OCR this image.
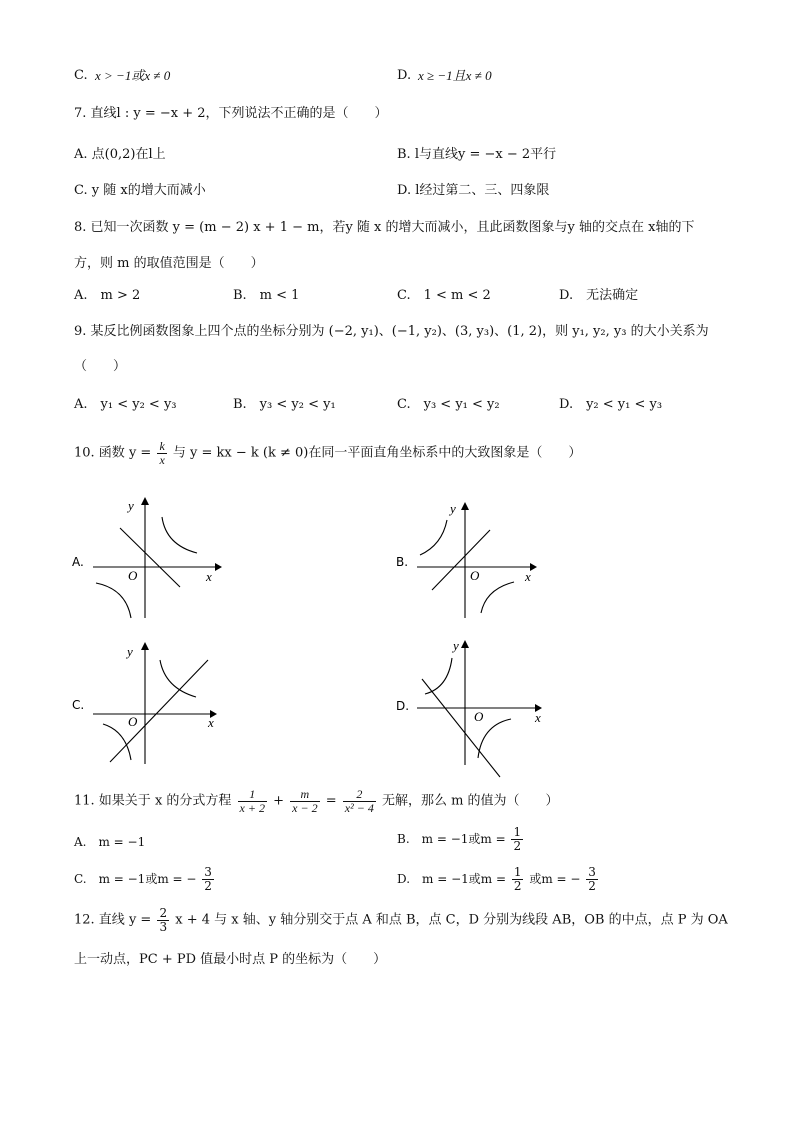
C. x > −1或x ≠ 0	D. x ≥ −1且x ≠ 0
7. 直线l : y = −x + 2，下列说法不正确的是（　　）
A. 点(0,2)在l上	B. l与直线y = −x − 2平行
C. y 随 x的增大而减小	D. l经过第二、三、四象限
8. 已知一次函数 y = (m − 2) x + 1 − m，若y 随 x 的增大而减小，且此函数图象与y 轴的交点在 x轴的下
方，则 m 的取值范围是（　　）
A.　m > 2	B.　m < 1	C.　1 < m < 2	D.　无法确定
9. 某反比例函数图象上四个点的坐标分别为 (−2, y₁)、(−1, y₂)、(3, y₃)、(1, 2)，则 y₁, y₂, y₃ 的大小关系为
（　　）
A.　y₁ < y₂ < y₃	B.　y₃ < y₂ < y₁	C.　y₃ < y₁ < y₂	D.　y₂ < y₁ < y₃
10. 函数 $y = \frac{k}{x}$ 与 y = kx − k (k ≠ 0)在同一平面直角坐标系中的大致图象是（　　）
A.
y
x
O
B.
y
x
O
C.
y
x
O
D.
y
x
O
11. 如果关于 x 的分式方程 $\frac{1}{x + 2} + \frac{m}{x - 2} = \frac{2}{\text{x² − 4}}$ 无解，那么 m 的值为（　　）
A.　m = −1	B.　m = −1或$m = \frac{1}{2}$
C.　m = −1或m = − $\frac{3}{2}$	D.　m = −1或$m = \frac{1}{2}$ 或m = − $\frac{3}{2}$
12. 直线 $y = \frac{2}{3}$ x + 4 与 x 轴、y 轴分别交于点 A 和点 B，点 C，D 分别为线段 AB，OB 的中点，点 P 为 OA
上一动点，PC + PD 值最小时点 P 的坐标为（　　）
